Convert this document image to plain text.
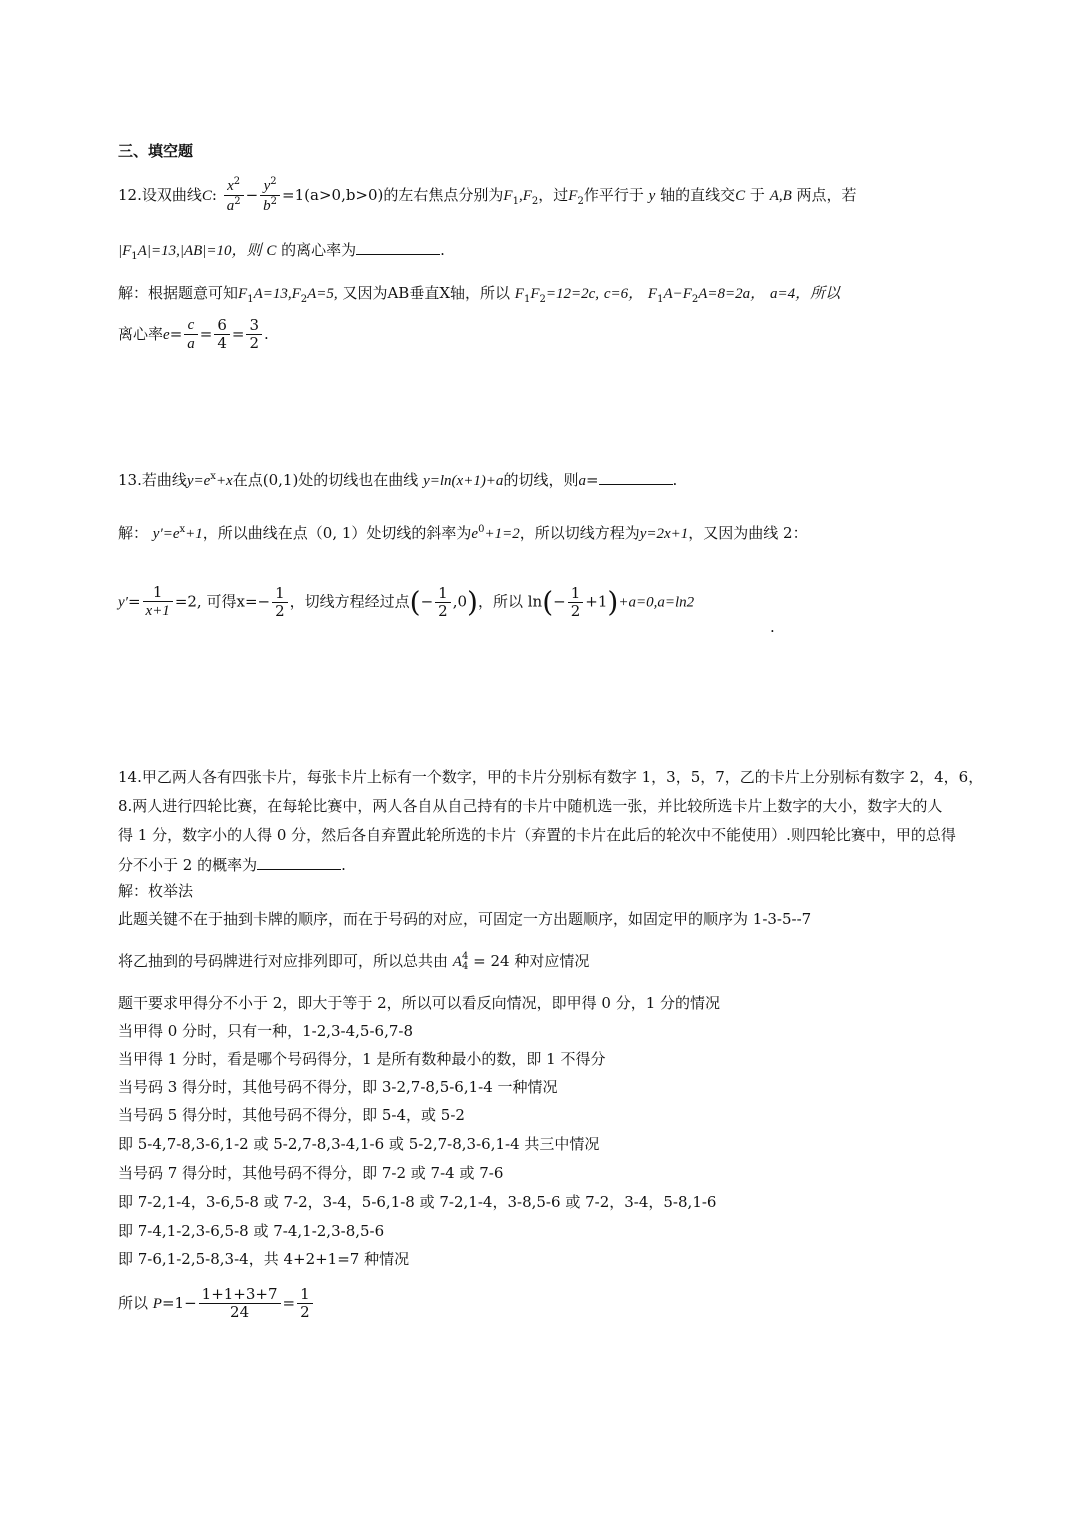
三、填空题
12.设双曲线C: $\frac{x^2}{a^2} - \frac{y^2}{b^2} =1(a>0,b>0)$的左右焦点分别为$F_1,F_2$，过$F_2$作平行于 y 轴的直线交C 于 A,B 两点，若
$|F_1A|=13,|AB|=10$，则 C 的离心率为	.
解：根据题意可知$F_1A=13,F_2A=5$, 又因为AB垂直X轴，所以 $F_1F_2=12=2c$, c=6， $F_1A-F_2A=8=2a$， a=4，所以
离心率$e= \frac{c}{a} = \frac{6}{4} = \frac{3}{2}$ .
13.若曲线$y=e^x+x$在点(0,1)处的切线也在曲线 y=ln(x+1)+a的切线，则a=	.
解： $y'=e^x+1$，所以曲线在点（0, 1）处切线的斜率为$e^0+1=2$，所以切线方程为y=2x+1，又因为曲线 2：
$y'= \frac{1}{x+1} =2$, 可得$x=- \frac{1}{2}$ ，切线方程经过点(− $\frac{1}{2} ,0$)，所以 $\ln(- \frac{1}{2} +1)+a=0,a=\ln 2$
.
14.甲乙两人各有四张卡片，每张卡片上标有一个数字，甲的卡片分别标有数字 1，3，5，7，乙的卡片上分别标有数字 2，4，6，
8.两人进行四轮比赛，在每轮比赛中，两人各自从自己持有的卡片中随机选一张，并比较所选卡片上数字的大小，数字大的人
得 1 分，数字小的人得 0 分，然后各自弃置此轮所选的卡片（弃置的卡片在此后的轮次中不能使用）.则四轮比赛中，甲的总得
分不小于 2 的概率为	.
解：枚举法
此题关键不在于抽到卡牌的顺序，而在于号码的对应，可固定一方出题顺序，如固定甲的顺序为 1-3-5--7
将乙抽到的号码牌进行对应排列即可，所以总共由 A 4
4 = 24 种对应情况
题干要求甲得分不小于 2，即大于等于 2，所以可以看反向情况，即甲得 0 分，1 分的情况
当甲得 0 分时，只有一种，1-2,3-4,5-6,7-8
当甲得 1 分时，看是哪个号码得分，1 是所有数种最小的数，即 1 不得分
当号码 3 得分时，其他号码不得分，即 3-2,7-8,5-6,1-4 一种情况
当号码 5 得分时，其他号码不得分，即 5-4，或 5-2
即 5-4,7-8,3-6,1-2 或 5-2,7-8,3-4,1-6 或 5-2,7-8,3-6,1-4 共三中情况
当号码 7 得分时，其他号码不得分，即 7-2 或 7-4 或 7-6
即 7-2,1-4，3-6,5-8 或 7-2，3-4，5-6,1-8 或 7-2,1-4，3-8,5-6 或 7-2，3-4，5-8,1-6
即 7-4,1-2,3-6,5-8 或 7-4,1-2,3-8,5-6
即 7-6,1-2,5-8,3-4，共 4+2+1=7 种情况
所以 $P=1- \frac{1+1+3+7}{24} = \frac{1}{2}$
